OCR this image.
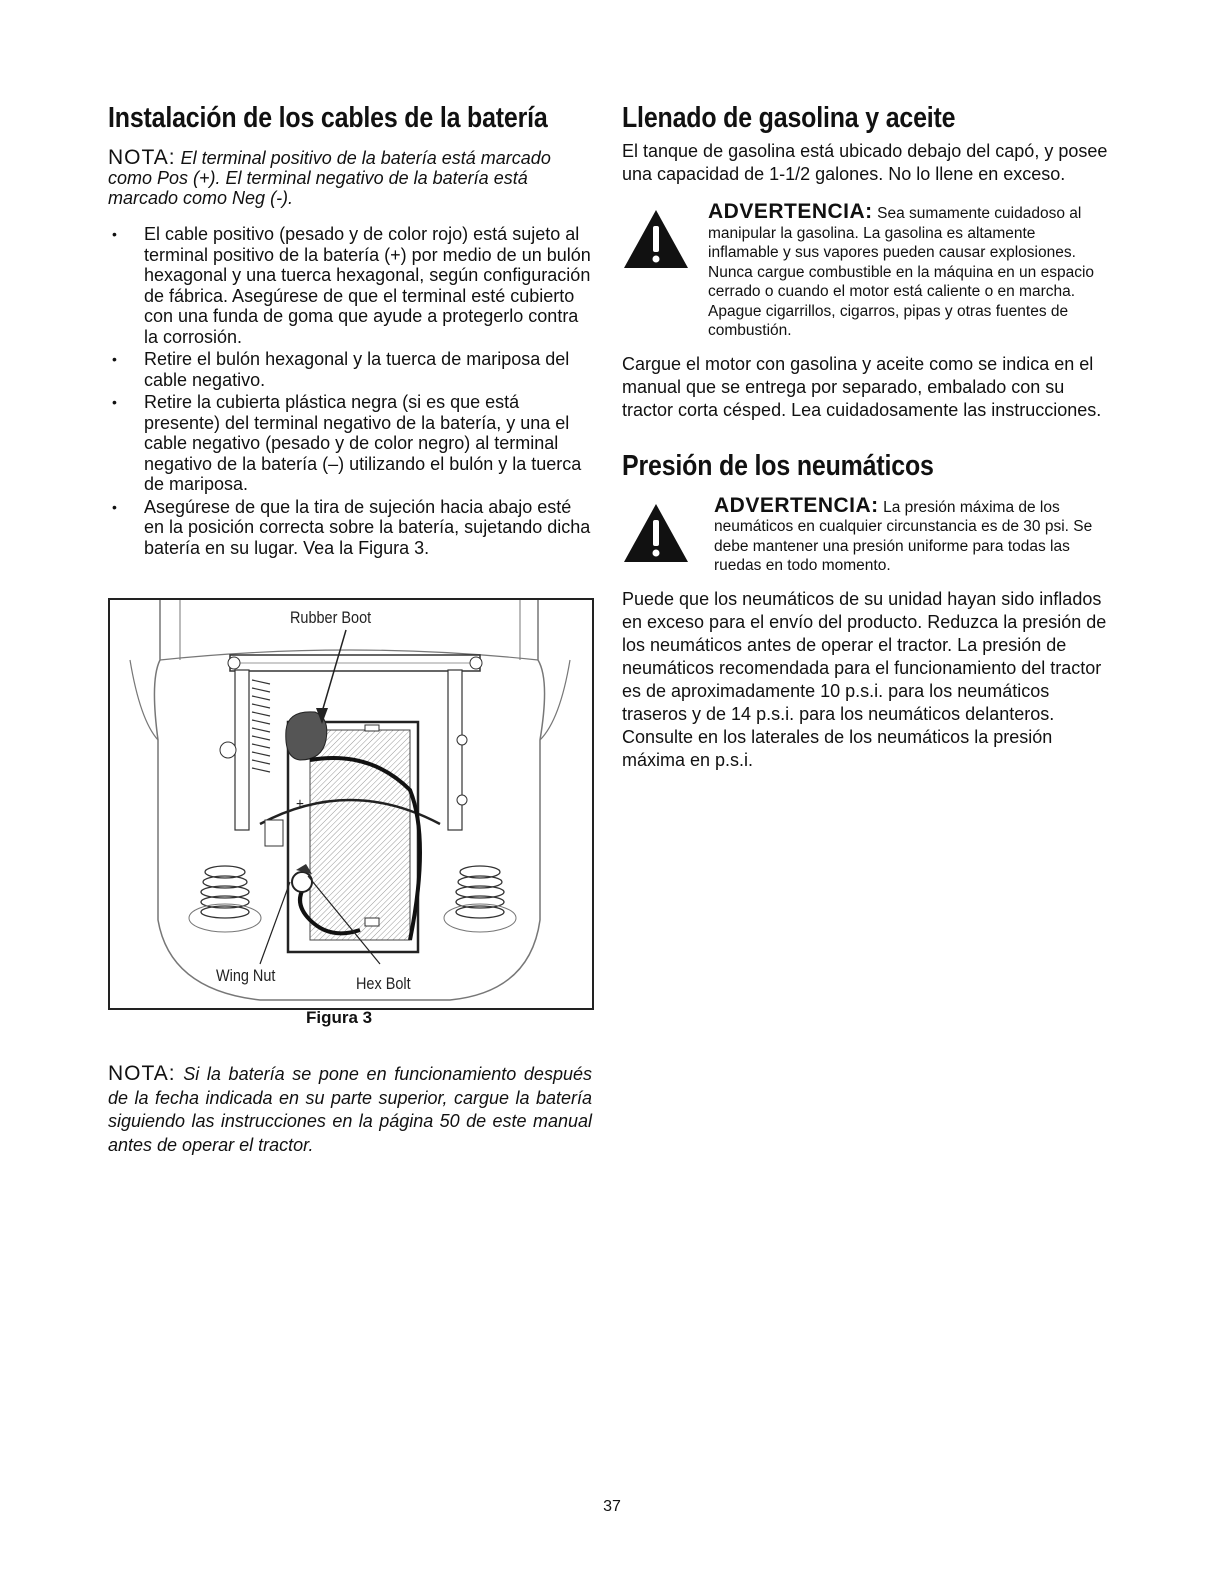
Instalación de los cables de la batería

NOTA: El terminal positivo de la batería está marcado como Pos (+). El terminal negativo de la batería está marcado como Neg (-).

• El cable positivo (pesado y de color rojo) está sujeto al terminal positivo de la batería (+) por medio de un bulón hexagonal y una tuerca hexagonal, según configuración de fábrica. Asegúrese de que el terminal esté cubierto con una funda de goma que ayude a protegerlo contra la corrosión.
• Retire el bulón hexagonal y la tuerca de mariposa del cable negativo.
• Retire la cubierta plástica negra (si es que está presente) del terminal negativo de la batería, y una el cable negativo (pesado y de color negro) al terminal negativo de la batería (–) utilizando el bulón y la tuerca de mariposa.
• Asegúrese de que la tira de sujeción hacia abajo esté en la posición correcta sobre la batería, sujetando dicha batería en su lugar. Vea la Figura 3.
Rubber Boot
+
Wing Nut	Hex Bolt
Figura 3

NOTA: Si la batería se pone en funcionamiento después de la fecha indicada en su parte superior, cargue la batería siguiendo las instrucciones en la página 50 de este manual antes de operar el tractor.

Llenado de gasolina y aceite

El tanque de gasolina está ubicado debajo del capó, y posee una capacidad de 1-1/2 galones. No lo llene en exceso.

ADVERTENCIA: Sea sumamente cuidadoso al manipular la gasolina. La gasolina es altamente inflamable y sus vapores pueden causar explosiones. Nunca cargue combustible en la máquina en un espacio cerrado o cuando el motor está caliente o en marcha. Apague cigarrillos, cigarros, pipas y otras fuentes de combustión.

Cargue el motor con gasolina y aceite como se indica en el manual que se entrega por separado, embalado con su tractor corta césped. Lea cuidadosamente las instrucciones.

Presión de los neumáticos
ADVERTENCIA: La presión máxima de los neumáticos en cualquier circunstancia es de 30 psi. Se debe mantener una presión uniforme para todas las ruedas en todo momento.

Puede que los neumáticos de su unidad hayan sido inflados en exceso para el envío del producto. Reduzca la presión de los neumáticos antes de operar el tractor. La presión de neumáticos recomendada para el funcionamiento del tractor es de aproximadamente 10 p.s.i. para los neumáticos traseros y de 14 p.s.i. para los neumáticos delanteros. Consulte en los laterales de los neumáticos la presión máxima en p.s.i.

37
